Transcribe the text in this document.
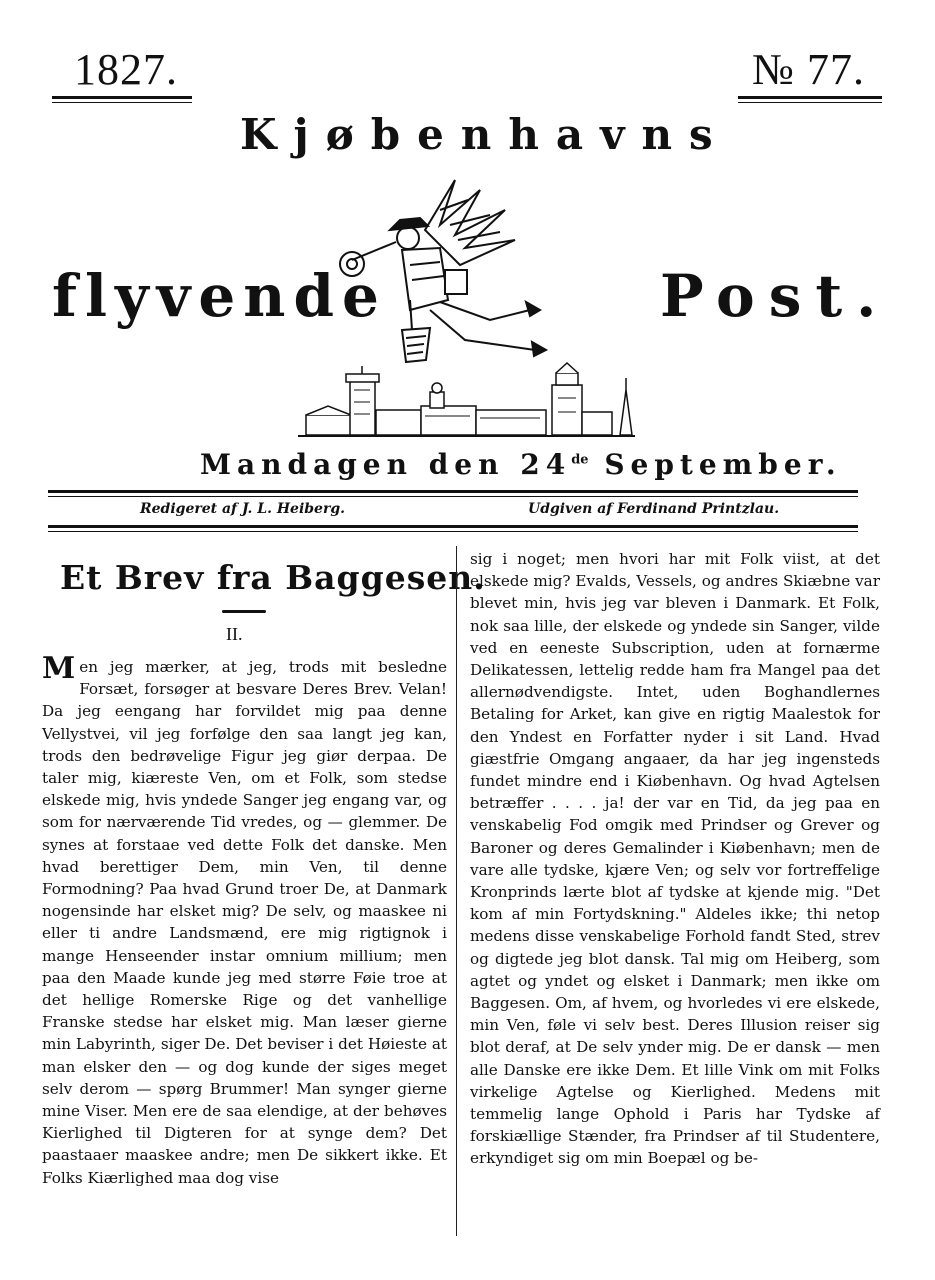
1827.	№ 77.
Kjøbenhavns
flyvende	Post.
Mandagen den 24de September.
Redigeret af J. L. Heiberg.	Udgiven af Ferdinand Printzlau.
Et Brev fra Baggesen.
II.

Men jeg mærker, at jeg, trods mit besledne Forsæt, forsøger at besvare Deres Brev. Velan! Da jeg eengang har forvildet mig paa denne Vellystvei, vil jeg forfølge den saa langt jeg kan, trods den bedrøvelige Figur jeg giør derpaa. De taler mig, kiæreste Ven, om et Folk, som stedse elskede mig, hvis yndede Sanger jeg engang var, og som for nærværende Tid vredes, og — glemmer. De synes at forstaae ved dette Folk det danske. Men hvad berettiger Dem, min Ven, til denne Formodning? Paa hvad Grund troer De, at Danmark nogensinde har elsket mig? De selv, og maaskee ni eller ti andre Landsmænd, ere mig rigtignok i mange Henseender instar omnium millium; men paa den Maade kunde jeg med større Føie troe at det hellige Romerske Rige og det vanhellige Franske stedse har elsket mig. Man læser gierne min Labyrinth, siger De. Det beviser i det Høieste at man elsker den — og dog kunde der siges meget selv derom — spørg Brummer! Man synger gierne mine Viser. Men ere de saa elendige, at der behøves Kierlighed til Digteren for at synge dem? Det paastaaer maaskee andre; men De sikkert ikke. Et Folks Kiærlighed maa dog vise

sig i noget; men hvori har mit Folk viist, at det elskede mig? Evalds, Vessels, og andres Skiæbne var blevet min, hvis jeg var bleven i Danmark. Et Folk, nok saa lille, der elskede og yndede sin Sanger, vilde ved en eeneste Subscription, uden at fornærme Delikatessen, lettelig redde ham fra Mangel paa det allernødvendigste. Intet, uden Boghandlernes Betaling for Arket, kan give en rigtig Maalestok for den Yndest en Forfatter nyder i sit Land. Hvad giæstfrie Omgang angaaer, da har jeg ingensteds fundet mindre end i Kiøbenhavn. Og hvad Agtelsen betræffer . . . . ja! der var en Tid, da jeg paa en venskabelig Fod omgik med Prindser og Grever og Baroner og deres Gemalinder i Kiøbenhavn; men de vare alle tydske, kjære Ven; og selv vor fortreffelige Kronprinds lærte blot af tydske at kjende mig. "Det kom af min Fortydskning." Aldeles ikke; thi netop medens disse venskabelige Forhold fandt Sted, strev og digtede jeg blot dansk. Tal mig om Heiberg, som agtet og yndet og elsket i Danmark; men ikke om Baggesen. Om, af hvem, og hvorledes vi ere elskede, min Ven, føle vi selv best. Deres Illusion reiser sig blot deraf, at De selv ynder mig. De er dansk — men alle Danske ere ikke Dem. Et lille Vink om mit Folks virkelige Agtelse og Kierlighed. Medens mit temmelig lange Ophold i Paris har Tydske af forskiællige Stænder, fra Prindser af til Studentere, erkyndiget sig om min Boepæl og be-
